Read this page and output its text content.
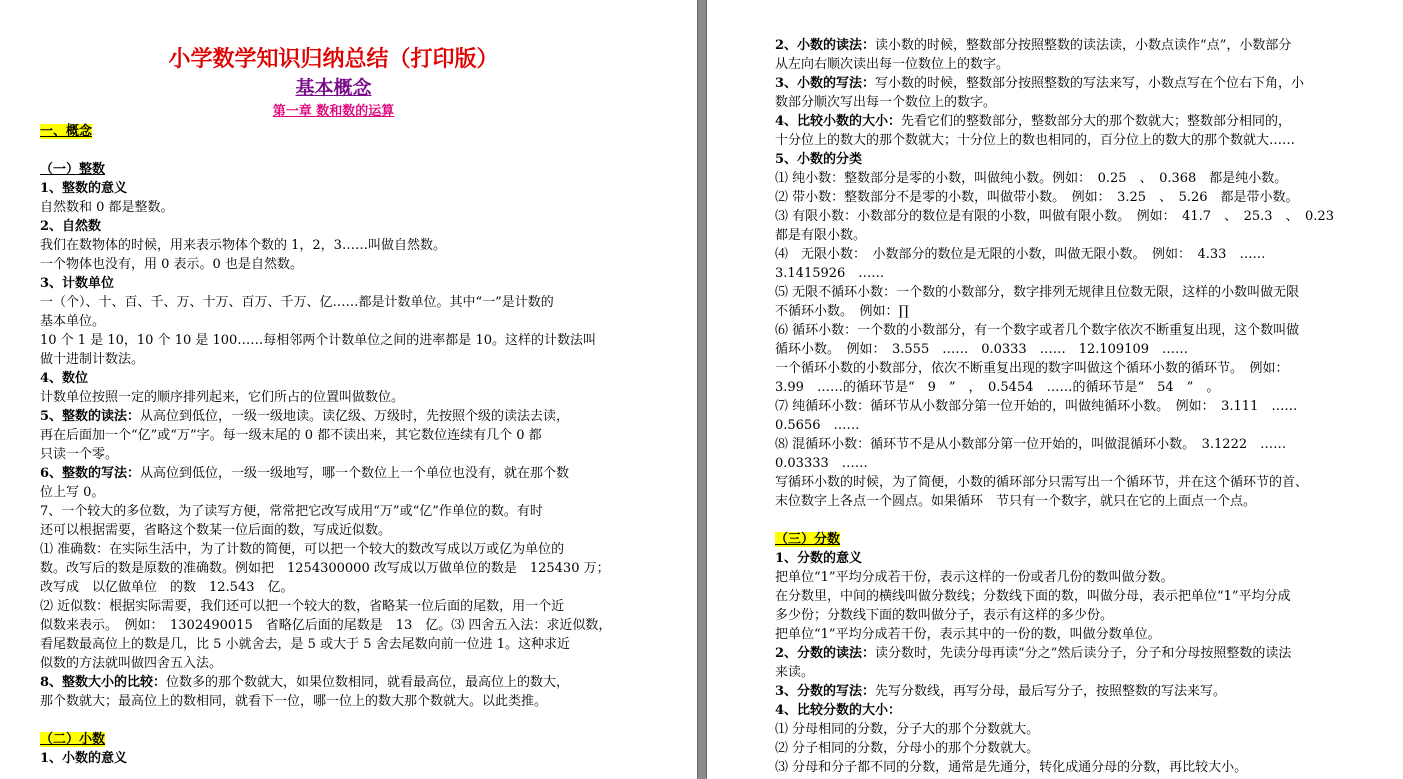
小学数学知识归纳总结（打印版）
基本概念
第一章 数和数的运算
一、概念
（一）整数
1、整数的意义
自然数和 0 都是整数。
2、自然数
我们在数物体的时候，用来表示物体个数的 1，2，3……叫做自然数。
一个物体也没有，用 0 表示。0 也是自然数。
3、计数单位
一（个）、十、百、千、万、十万、百万、千万、亿……都是计数单位。其中“一”是计数的
基本单位。
10 个 1 是 10，10 个 10 是 100……每相邻两个计数单位之间的进率都是 10。这样的计数法叫
做十进制计数法。
4、数位
计数单位按照一定的顺序排列起来，它们所占的位置叫做数位。
5、整数的读法：从高位到低位，一级一级地读。读亿级、万级时，先按照个级的读法去读，
再在后面加一个“亿”或“万”字。每一级末尾的 0 都不读出来，其它数位连续有几个 0 都
只读一个零。
6、整数的写法：从高位到低位，一级一级地写，哪一个数位上一个单位也没有，就在那个数
位上写 0。
7、一个较大的多位数，为了读写方便，常常把它改写成用“万”或“亿”作单位的数。有时
还可以根据需要，省略这个数某一位后面的数，写成近似数。
⑴ 准确数：在实际生活中，为了计数的简便，可以把一个较大的数改写成以万或亿为单位的
数。改写后的数是原数的准确数。例如把　1254300000 改写成以万做单位的数是　125430 万；
改写成　以亿做单位　的数　12.543　亿。
⑵ 近似数：根据实际需要，我们还可以把一个较大的数，省略某一位后面的尾数，用一个近
似数来表示。　例如：　1302490015　省略亿后面的尾数是　13　亿。⑶ 四舍五入法：求近似数，
看尾数最高位上的数是几，比 5 小就舍去，是 5 或大于 5 舍去尾数向前一位进 1。这种求近
似数的方法就叫做四舍五入法。
8、整数大小的比较：位数多的那个数就大，如果位数相同，就看最高位，最高位上的数大，
那个数就大；最高位上的数相同，就看下一位，哪一位上的数大那个数就大。以此类推。
（二）小数
1、小数的意义
2、小数的读法：读小数的时候，整数部分按照整数的读法读，小数点读作“点”，小数部分
从左向右顺次读出每一位数位上的数字。
3、小数的写法：写小数的时候，整数部分按照整数的写法来写，小数点写在个位右下角，小
数部分顺次写出每一个数位上的数字。
4、比较小数的大小：先看它们的整数部分，整数部分大的那个数就大；整数部分相同的，
十分位上的数大的那个数就大；十分位上的数也相同的，百分位上的数大的那个数就大……
5、小数的分类
⑴ 纯小数：整数部分是零的小数，叫做纯小数。例如：　0.25　、　0.368　都是纯小数。
⑵ 带小数：整数部分不是零的小数，叫做带小数。　例如：　3.25　、　5.26　都是带小数。
⑶ 有限小数：小数部分的数位是有限的小数，叫做有限小数。　例如：　41.7　、　25.3　、　0.23
都是有限小数。
⑷　无限小数：　小数部分的数位是无限的小数，叫做无限小数。　例如：　4.33　……
3.1415926　……
⑸ 无限不循环小数：一个数的小数部分，数字排列无规律且位数无限，这样的小数叫做无限
不循环小数。　例如：∏
⑹ 循环小数：一个数的小数部分，有一个数字或者几个数字依次不断重复出现，这个数叫做
循环小数。　例如：　3.555　……　0.0333　……　12.109109　……
一个循环小数的小数部分，依次不断重复出现的数字叫做这个循环小数的循环节。　例如：
3.99　……的循环节是“　9　”　，　0.5454　……的循环节是“　54　”　。
⑺ 纯循环小数：循环节从小数部分第一位开始的，叫做纯循环小数。　例如：　3.111　……
0.5656　……
⑻ 混循环小数：循环节不是从小数部分第一位开始的，叫做混循环小数。　3.1222　……
0.03333　……
写循环小数的时候，为了简便，小数的循环部分只需写出一个循环节，并在这个循环节的首、
末位数字上各点一个圆点。如果循环　节只有一个数字，就只在它的上面点一个点。
（三）分数
1、分数的意义
把单位“1”平均分成若干份，表示这样的一份或者几份的数叫做分数。
在分数里，中间的横线叫做分数线；分数线下面的数，叫做分母，表示把单位“1”平均分成
多少份；分数线下面的数叫做分子，表示有这样的多少份。
把单位“1”平均分成若干份，表示其中的一份的数，叫做分数单位。
2、分数的读法：读分数时，先读分母再读“分之”然后读分子，分子和分母按照整数的读法
来读。
3、分数的写法：先写分数线，再写分母，最后写分子，按照整数的写法来写。
4、比较分数的大小：
⑴ 分母相同的分数，分子大的那个分数就大。
⑵ 分子相同的分数，分母小的那个分数就大。
⑶ 分母和分子都不同的分数，通常是先通分，转化成通分母的分数，再比较大小。
